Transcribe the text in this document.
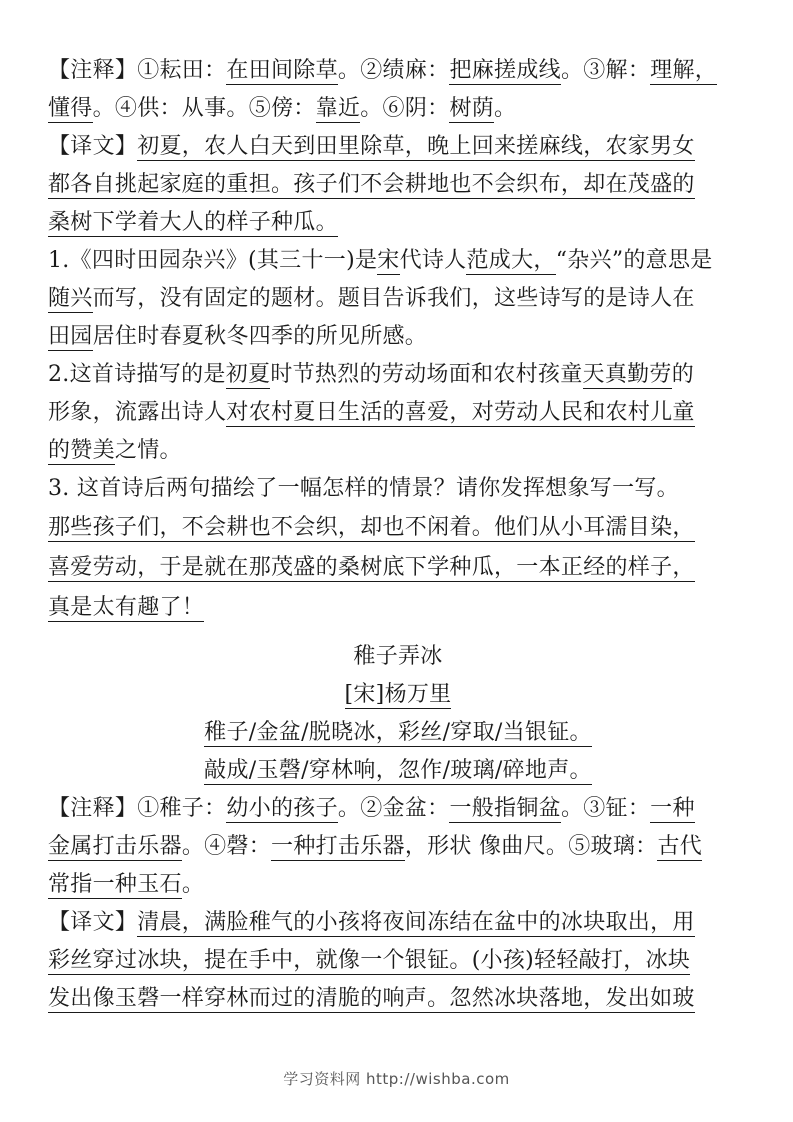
【注释】①耘田：在田间除草。②绩麻：把麻搓成线。③解：理解，
懂得。④供：从事。⑤傍：靠近。⑥阴：树荫。
【译文】初夏，农人白天到田里除草，晚上回来搓麻线，农家男女
都各自挑起家庭的重担。孩子们不会耕地也不会织布，却在茂盛的
桑树下学着大人的样子种瓜。
1.《四时田园杂兴》(其三十一)是宋代诗人范成大，“杂兴”的意思是
随兴而写，没有固定的题材。题目告诉我们，这些诗写的是诗人在
田园居住时春夏秋冬四季的所见所感。
2.这首诗描写的是初夏时节热烈的劳动场面和农村孩童天真勤劳的
形象，流露出诗人对农村夏日生活的喜爱，对劳动人民和农村儿童
的赞美之情。
3. 这首诗后两句描绘了一幅怎样的情景？请你发挥想象写一写。
那些孩子们，不会耕也不会织，却也不闲着。他们从小耳濡目染，
喜爱劳动，于是就在那茂盛的桑树底下学种瓜，一本正经的样子，
真是太有趣了！
稚子弄冰
[宋]杨万里
稚子/金盆/脱晓冰，彩丝/穿取/当银钲。
敲成/玉磬/穿林响，忽作/玻璃/碎地声。
【注释】①稚子：幼小的孩子。②金盆：一般指铜盆。③钲：一种
金属打击乐器。④磬：一种打击乐器，形状 像曲尺。⑤玻璃：古代
常指一种玉石。
【译文】清晨，满脸稚气的小孩将夜间冻结在盆中的冰块取出，用
彩丝穿过冰块，提在手中，就像一个银钲。(小孩)轻轻敲打，冰块
发出像玉磬一样穿林而过的清脆的响声。忽然冰块落地，发出如玻
学习资料网 http://wishba.com
